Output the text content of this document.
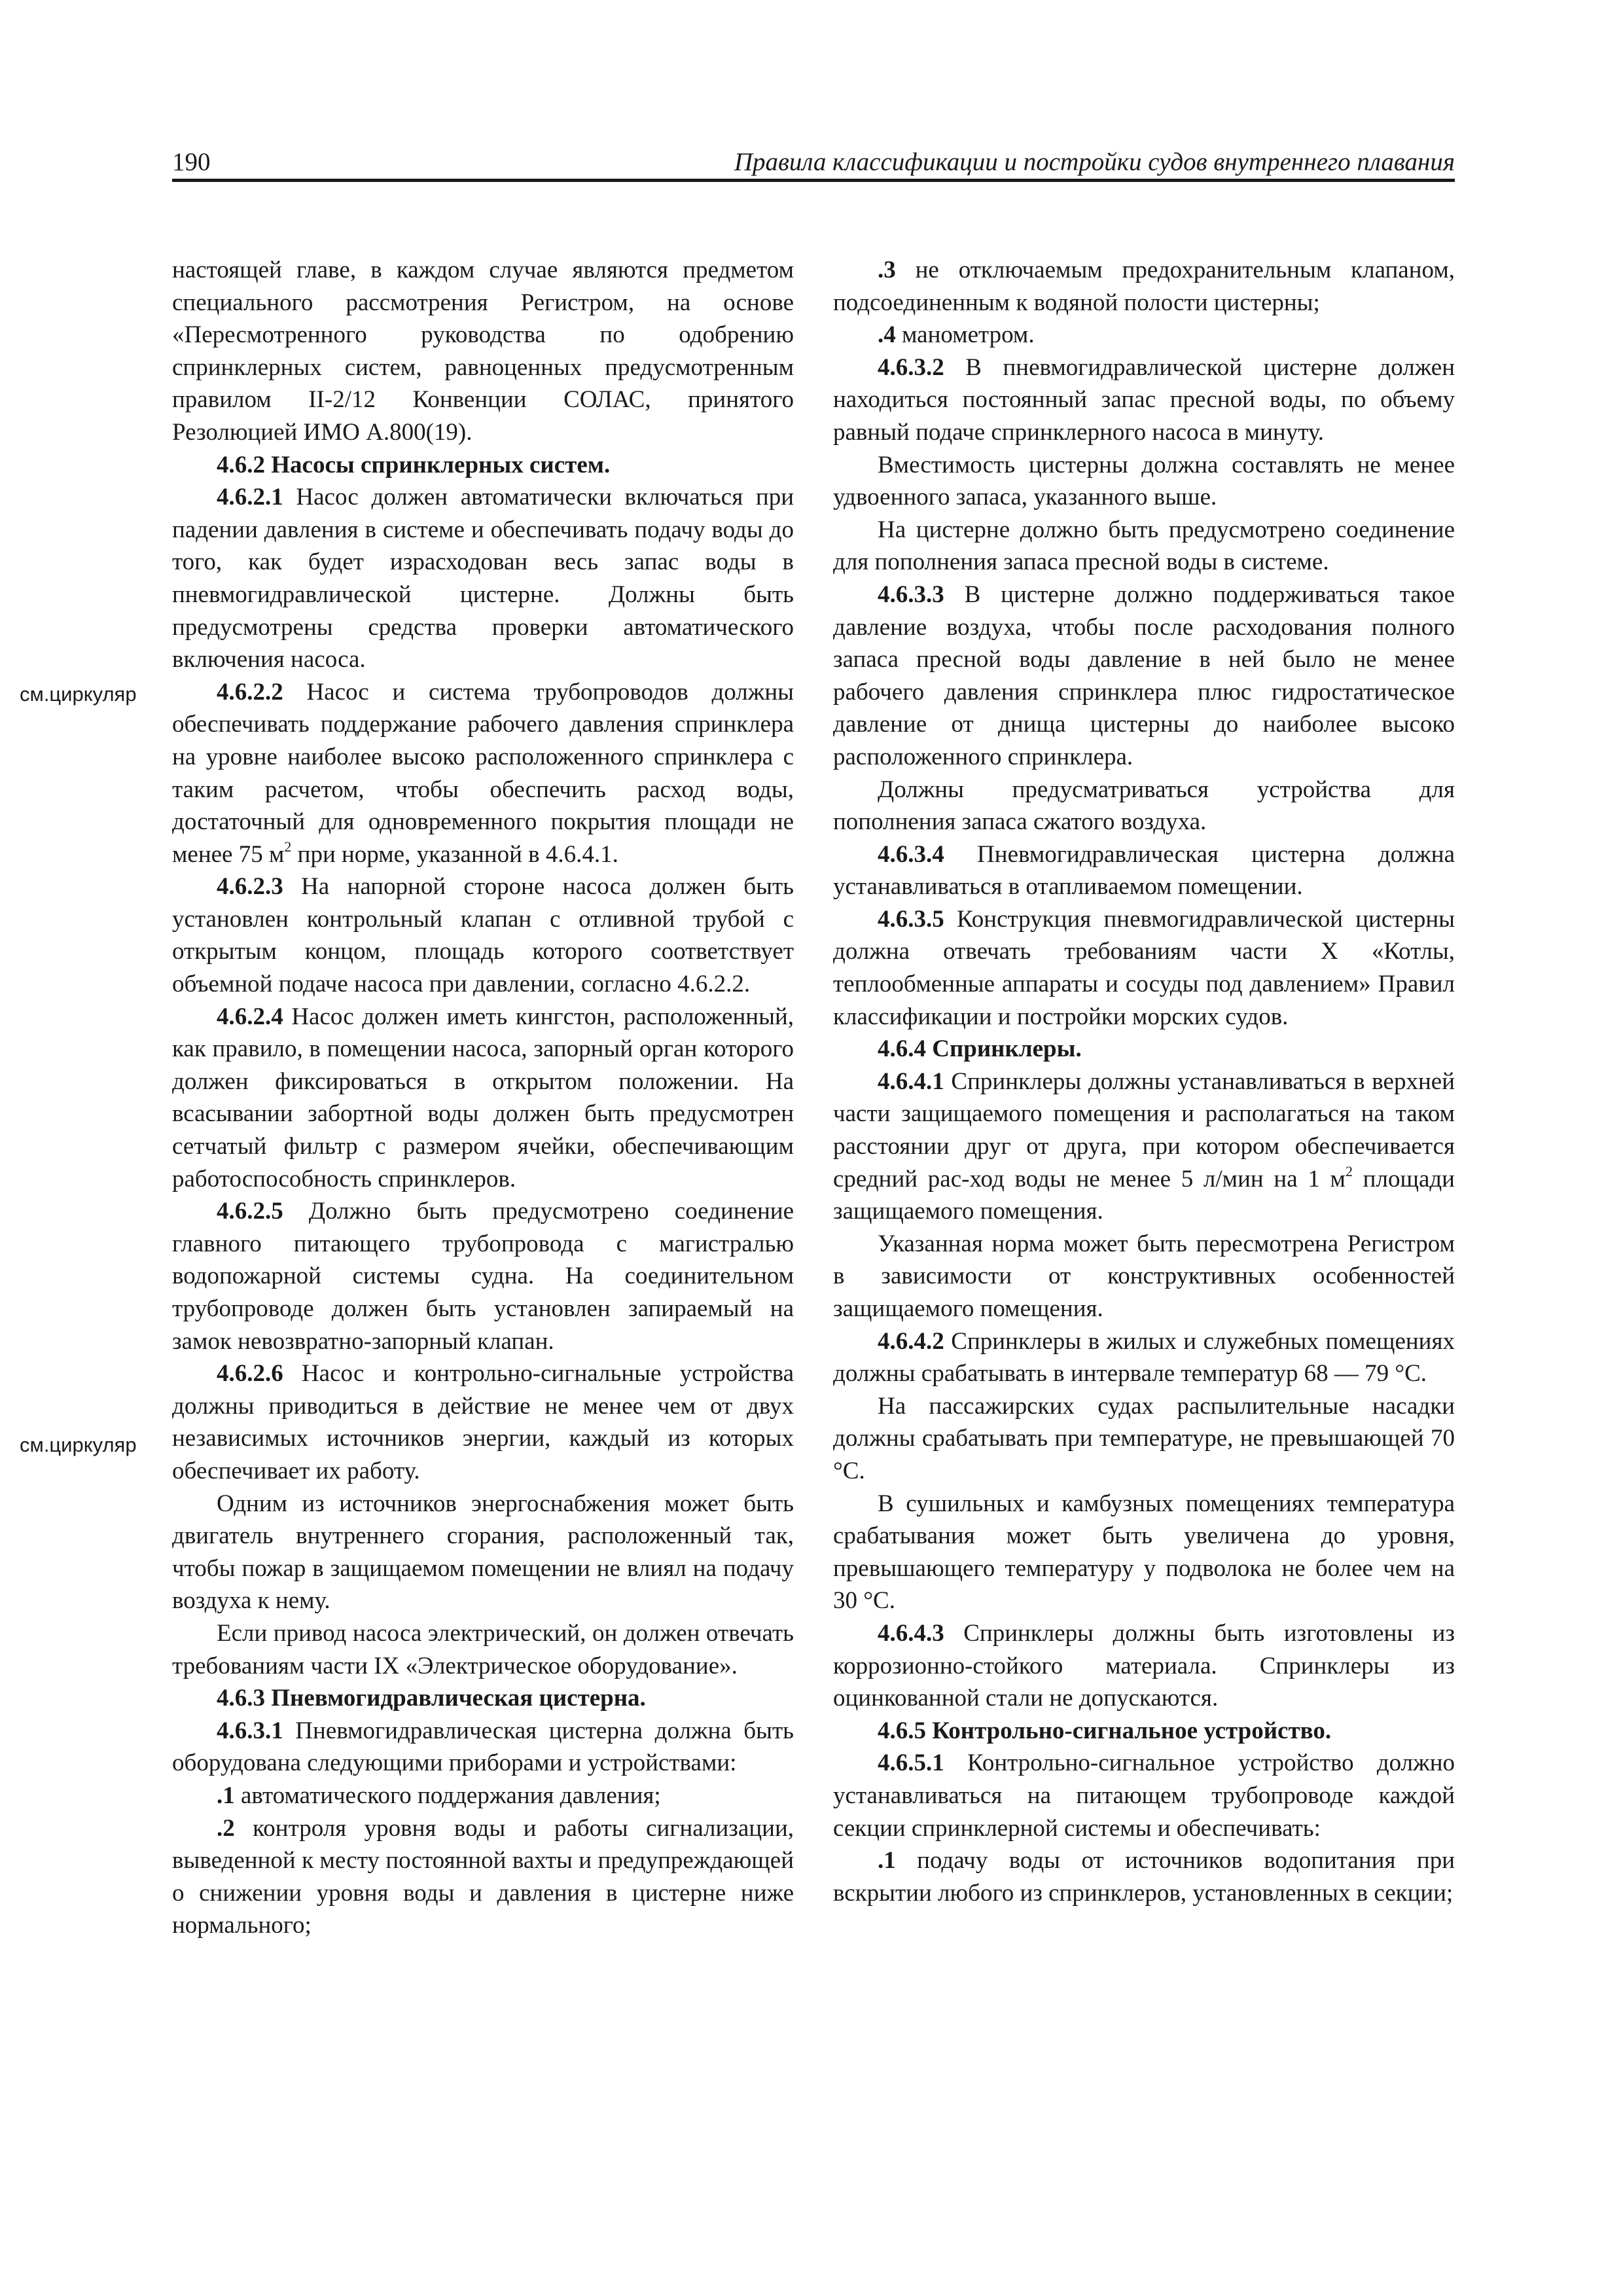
190	Правила классификации и постройки судов внутреннего плавания
см.циркуляр
см.циркуляр

настоящей главе, в каждом случае являются предметом специального рассмотрения Регистром, на основе «Пересмотренного руководства по одобрению спринклерных систем, равноценных предусмотренным правилом II-2/12 Конвенции СОЛАС, принятого Резолюцией ИМО А.800(19).

4.6.2 Насосы спринклерных систем.

4.6.2.1 Насос должен автоматически включаться при падении давления в системе и обеспечивать подачу воды до того, как будет израсходован весь запас воды в пневмогидравлической цистерне. Должны быть предусмотрены средства проверки автоматического включения насоса.

4.6.2.2 Насос и система трубопроводов должны обеспечивать поддержание рабочего давления спринклера на уровне наиболее высоко расположенного спринклера с таким расчетом, чтобы обеспечить расход воды, достаточный для одновременного покрытия площади не менее 75 $м^2$ при норме, указанной в 4.6.4.1.

4.6.2.3 На напорной стороне насоса должен быть установлен контрольный клапан с отливной трубой с открытым концом, площадь которого соответствует объемной подаче насоса при давлении, согласно 4.6.2.2.

4.6.2.4 Насос должен иметь кингстон, расположенный, как правило, в помещении насоса, запорный орган которого должен фиксироваться в открытом положении. На всасывании забортной воды должен быть предусмотрен сетчатый фильтр с размером ячейки, обеспечивающим работоспособность спринклеров.

4.6.2.5 Должно быть предусмотрено соединение главного питающего трубопровода с магистралью водопожарной системы судна. На соединительном трубопроводе должен быть установлен запираемый на замок невозвратно-запорный клапан.

4.6.2.6 Насос и контрольно-сигнальные устройства должны приводиться в действие не менее чем от двух независимых источников энергии, каждый из которых обеспечивает их работу.

Одним из источников энергоснабжения может быть двигатель внутреннего сгорания, расположенный так, чтобы пожар в защищаемом помещении не влиял на подачу воздуха к нему.

Если привод насоса электрический, он должен отвечать требованиям части IX «Электрическое оборудование».

4.6.3 Пневмогидравлическая цистерна.

4.6.3.1 Пневмогидравлическая цистерна должна быть оборудована следующими приборами и устройствами:

.1 автоматического поддержания давления;

.2 контроля уровня воды и работы сигнализации, выведенной к месту постоянной вахты и предупреждающей о снижении уровня воды и давления в цистерне ниже нормального;

.3 не отключаемым предохранительным клапаном, подсоединенным к водяной полости цистерны;

.4 манометром.

4.6.3.2 В пневмогидравлической цистерне должен находиться постоянный запас пресной воды, по объему равный подаче спринклерного насоса в минуту.

Вместимость цистерны должна составлять не менее удвоенного запаса, указанного выше.

На цистерне должно быть предусмотрено соединение для пополнения запаса пресной воды в системе.

4.6.3.3 В цистерне должно поддерживаться такое давление воздуха, чтобы после расходования полного запаса пресной воды давление в ней было не менее рабочего давления спринклера плюс гидростатическое давление от днища цистерны до наиболее высоко расположенного спринклера.

Должны предусматриваться устройства для пополнения запаса сжатого воздуха.

4.6.3.4 Пневмогидравлическая цистерна должна устанавливаться в отапливаемом помещении.

4.6.3.5 Конструкция пневмогидравлической цистерны должна отвечать требованиям части X «Котлы, теплообменные аппараты и сосуды под давлением» Правил классификации и постройки морских судов.

4.6.4 Спринклеры.

4.6.4.1 Спринклеры должны устанавливаться в верхней части защищаемого помещения и располагаться на таком расстоянии друг от друга, при котором обеспечивается средний рас-ход воды не менее 5 л/мин на 1 $м^2$ площади защищаемого помещения.

Указанная норма может быть пересмотрена Регистром в зависимости от конструктивных особенностей защищаемого помещения.

4.6.4.2 Спринклеры в жилых и служебных помещениях должны срабатывать в интервале температур 68 — 79 °С.

На пассажирских судах распылительные насадки должны срабатывать при температуре, не превышающей 70 °С.

В сушильных и камбузных помещениях температура срабатывания может быть увеличена до уровня, превышающего температуру у подволока не более чем на 30 °С.

4.6.4.3 Спринклеры должны быть изготовлены из коррозионно-стойкого материала. Спринклеры из оцинкованной стали не допускаются.

4.6.5 Контрольно-сигнальное устройство.

4.6.5.1 Контрольно-сигнальное устройство должно устанавливаться на питающем трубопроводе каждой секции спринклерной системы и обеспечивать:

.1 подачу воды от источников водопитания при вскрытии любого из спринклеров, установленных в секции;
